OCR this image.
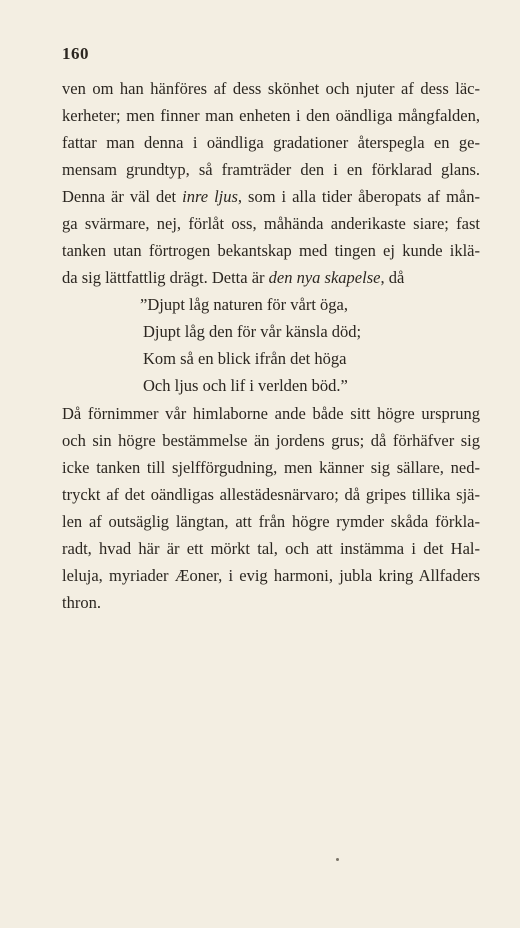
160
ven om han hänföres af dess skönhet och njuter af dess läc-
kerheter; men finner man enheten i den oändliga mångfalden,
fattar man denna i oändliga gradationer återspegla en ge-
mensam grundtyp, så framträder den i en förklarad glans.
Denna är väl det inre ljus, som i alla tider åberopats af mån-
ga svärmare, nej, förlåt oss, måhända anderikaste siare; fast
tanken utan förtrogen bekantskap med tingen ej kunde iklä-
da sig lättfattlig drägt. Detta är den nya skapelse, då
”Djupt låg naturen för vårt öga,
Djupt låg den för vår känsla död;
Kom så en blick ifrån det höga
Och ljus och lif i verlden böd.”
Då förnimmer vår himlaborne ande både sitt högre ursprung
och sin högre bestämmelse än jordens grus; då förhäfver sig
icke tanken till sjelfförgudning, men känner sig sällare, ned-
tryckt af det oändligas allestädesnärvaro; då gripes tillika sjä-
len af outsäglig längtan, att från högre rymder skåda förkla-
radt, hvad här är ett mörkt tal, och att instämma i det Hal-
leluja, myriader Æoner, i evig harmoni, jubla kring Allfaders
thron.
